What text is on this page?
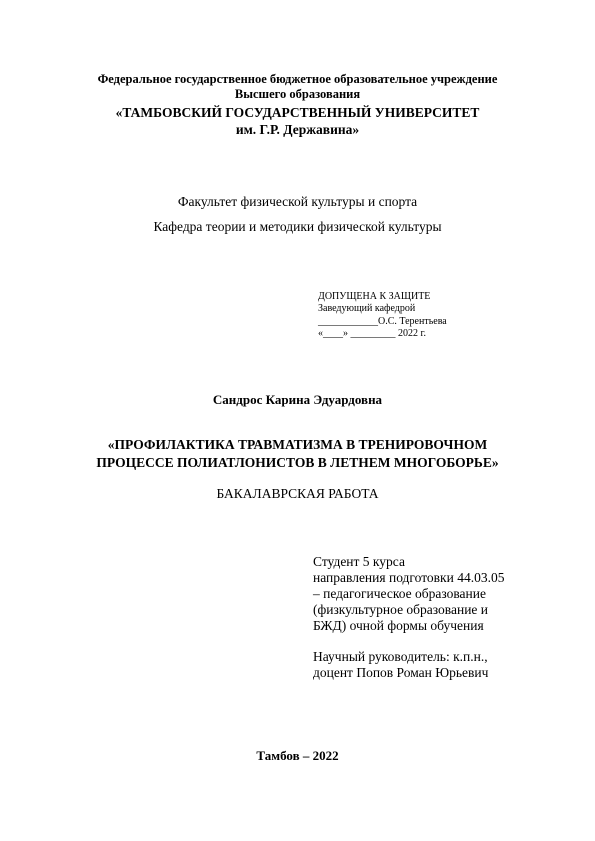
Федеральное государственное бюджетное образовательное учреждение
Высшего образования
«ТАМБОВСКИЙ ГОСУДАРСТВЕННЫЙ УНИВЕРСИТЕТ
им. Г.Р. Державина»
Факультет физической культуры и спорта
Кафедра теории и методики физической культуры
ДОПУЩЕНА К ЗАЩИТЕ
Заведующий кафедрой
____________О.С. Терентьева
«____» _________ 2022 г.
Сандрос Карина Эдуардовна
«ПРОФИЛАКТИКА ТРАВМАТИЗМА В ТРЕНИРОВОЧНОМ
ПРОЦЕССЕ ПОЛИАТЛОНИСТОВ В ЛЕТНЕМ МНОГОБОРЬЕ»
БАКАЛАВРСКАЯ РАБОТА
Студент 5 курса
направления подготовки 44.03.05
– педагогическое образование
(физкультурное образование и
БЖД) очной формы обучения
Научный руководитель: к.п.н.,
доцент Попов Роман Юрьевич
Тамбов – 2022
